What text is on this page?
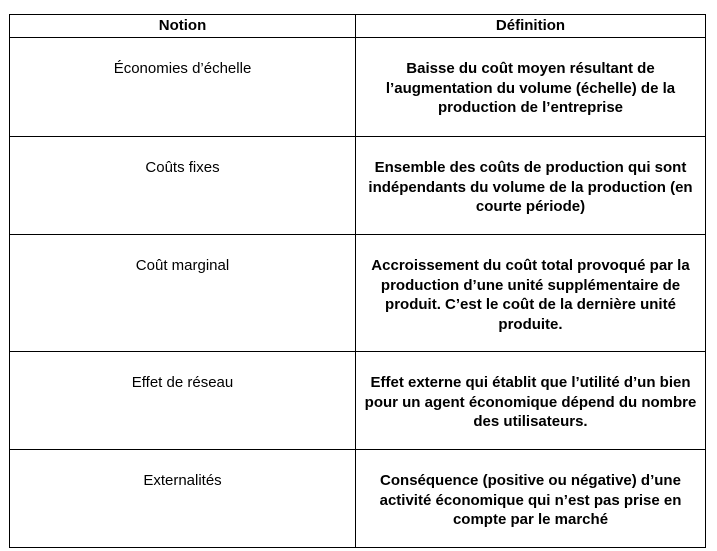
Notion	Définition
Économies d’échelle	Baisse du coût moyen résultant de l’augmentation du volume (échelle) de la production de l’entreprise
Coûts fixes	Ensemble des coûts de production qui sont indépendants du volume de la production (en courte période)
Coût marginal	Accroissement du coût total provoqué par la production d’une unité supplémentaire de produit. C’est le coût de la dernière unité produite.
Effet de réseau	Effet externe qui établit que l’utilité d’un bien pour un agent économique dépend du nombre des utilisateurs.
Externalités	Conséquence (positive ou négative) d’une activité économique qui n’est pas prise en compte par le marché
